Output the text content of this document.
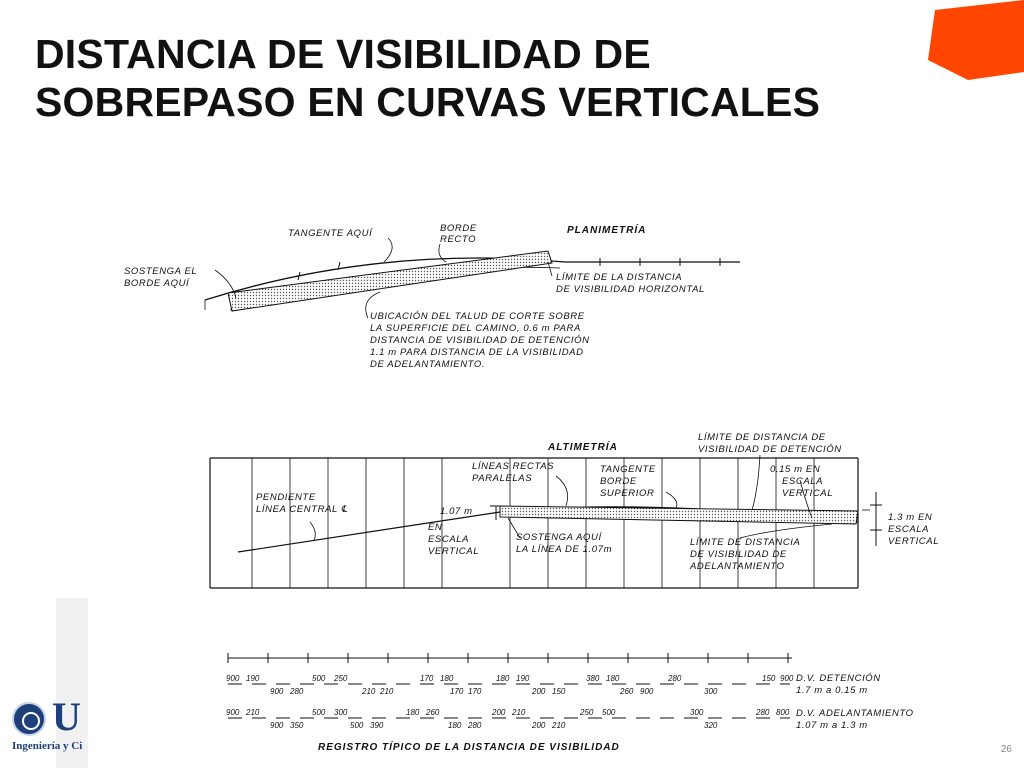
DISTANCIA DE VISIBILIDAD DE
SOBREPASO EN CURVAS VERTICALES
PLANIMETRÍA
TANGENTE AQUÍ	BORDE
RECTO
SOSTENGA EL
BORDE AQUÍ
LÍMITE DE LA DISTANCIA
DE VISIBILIDAD HORIZONTAL
UBICACIÓN DEL TALUD DE CORTE SOBRE
LA SUPERFICIE DEL CAMINO, 0.6 m PARA
DISTANCIA DE VISIBILIDAD DE DETENCIÓN
1.1 m PARA DISTANCIA DE LA VISIBILIDAD
DE ADELANTAMIENTO.
ALTIMETRÍA
LÍMITE DE DISTANCIA DE
VISIBILIDAD DE DETENCIÓN
LÍNEAS RECTAS
PARALELAS
TANGENTE
BORDE
SUPERIOR
0.15 m EN
ESCALA
VERTICAL
PENDIENTE
LÍNEA CENTRAL ℄	1.07 m
EN
ESCALA
VERTICAL
SOSTENGA AQUÍ
LA LÍNEA DE 1.07m
LÍMITE DE DISTANCIA
DE VISIBILIDAD DE
ADELANTAMIENTO
1.3 m EN
ESCALA
VERTICAL
900 190	500 250	170 180	180 190	380 180	280	150 900
900 280	210 210	170 170	200 150	260 900	300
900 210	500 300	180 260	200 210	250 500	300	280 800
900 350	500 390	180 280	200 210	320
D.V. DETENCIÓN
1.7 m a 0.15 m
D.V. ADELANTAMIENTO
1.07 m a 1.3 m
REGISTRO TÍPICO DE LA DISTANCIA DE VISIBILIDAD
U
Ingeniería y Ci	26
